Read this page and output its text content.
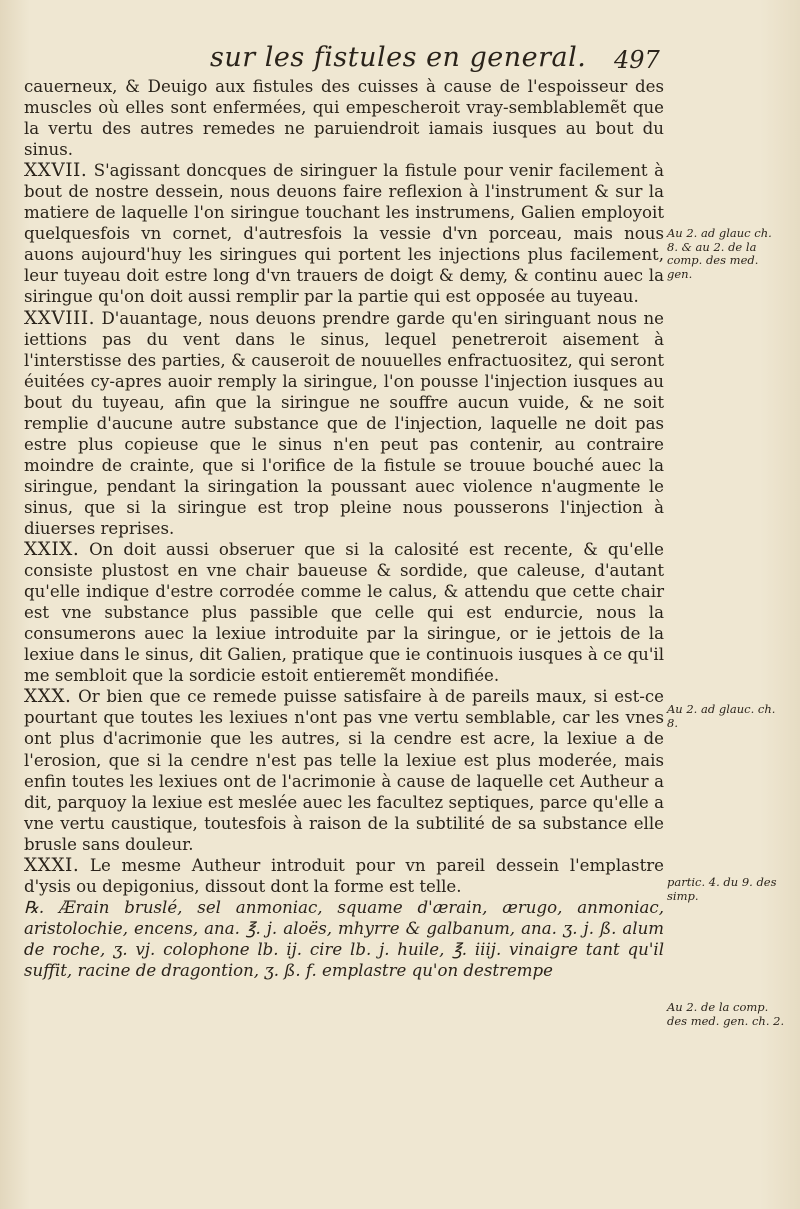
sur les fistules en general. 497

cauerneux, & Deuigo aux fistules des cuisses à cause de l'espoisseur des muscles où elles sont enfermées, qui empescheroit vray-semblablemẽt que la vertu des autres remedes ne paruiendroit iamais iusques au bout du sinus.

XXVII. S'agissant doncques de siringuer la fistule pour venir facilement à bout de nostre dessein, nous deuons faire reflexion à l'instrument & sur la matiere de laquelle l'on siringue touchant les instrumens, Galien employoit quelquesfois vn cornet, d'autresfois la vessie d'vn porceau, mais nous auons aujourd'huy les siringues qui portent les injections plus facilement, leur tuyeau doit estre long d'vn trauers de doigt & demy, & continu auec la siringue qu'on doit aussi remplir par la partie qui est opposée au tuyeau.

XXVIII. D'auantage, nous deuons prendre garde qu'en siringuant nous ne iettions pas du vent dans le sinus, lequel penetreroit aisement à l'interstisse des parties, & causeroit de nouuelles enfractuositez, qui seront éuitées cy-apres auoir remply la siringue, l'on pousse l'injection iusques au bout du tuyeau, afin que la siringue ne souffre aucun vuide, & ne soit remplie d'aucune autre substance que de l'injection, laquelle ne doit pas estre plus copieuse que le sinus n'en peut pas contenir, au contraire moindre de crainte, que si l'orifice de la fistule se trouue bouché auec la siringue, pendant la siringation la poussant auec violence n'augmente le sinus, que si la siringue est trop pleine nous pousserons l'injection à diuerses reprises.

XXIX. On doit aussi obseruer que si la calosité est recente, & qu'elle consiste plustost en vne chair baueuse & sordide, que caleuse, d'autant qu'elle indique d'estre corrodée comme le calus, & attendu que cette chair est vne substance plus passible que celle qui est endurcie, nous la consumerons auec la lexiue introduite par la siringue, or ie jettois de la lexiue dans le sinus, dit Galien, pratique que ie continuois iusques à ce qu'il me sembloit que la sordicie estoit entieremẽt mondifiée.

XXX. Or bien que ce remede puisse satisfaire à de pareils maux, si est-ce pourtant que toutes les lexiues n'ont pas vne vertu semblable, car les vnes ont plus d'acrimonie que les autres, si la cendre est acre, la lexiue a de l'erosion, que si la cendre n'est pas telle la lexiue est plus moderée, mais enfin toutes les lexiues ont de l'acrimonie à cause de laquelle cet Autheur a dit, parquoy la lexiue est meslée auec les facultez septiques, parce qu'elle a vne vertu caustique, toutesfois à raison de la subtilité de sa substance elle brusle sans douleur.

XXXI. Le mesme Autheur introduit pour vn pareil dessein l'emplastre d'ysis ou depigonius, dissout dont la forme est telle.

℞. Ærain bruslé, sel anmoniac, squame d'ærain, ærugo, anmoniac, aristolochie, encens, ana. ℥. j. aloës, mhyrre & galbanum, ana. ʒ. j. ß. alum de roche, ʒ. vj. colophone lb. ij. cire lb. j. huile, ℥. iiij. vinaigre tant qu'il suffit, racine de dragontion, ʒ. ß. f. emplastre qu'on destrempe

Au 2. ad glauc ch. 8. & au 2. de la comp. des med. gen.
Au 2. ad glauc. ch. 8.
partic. 4. du 9. des simp.
Au 2. de la comp. des med. gen. ch. 2.
